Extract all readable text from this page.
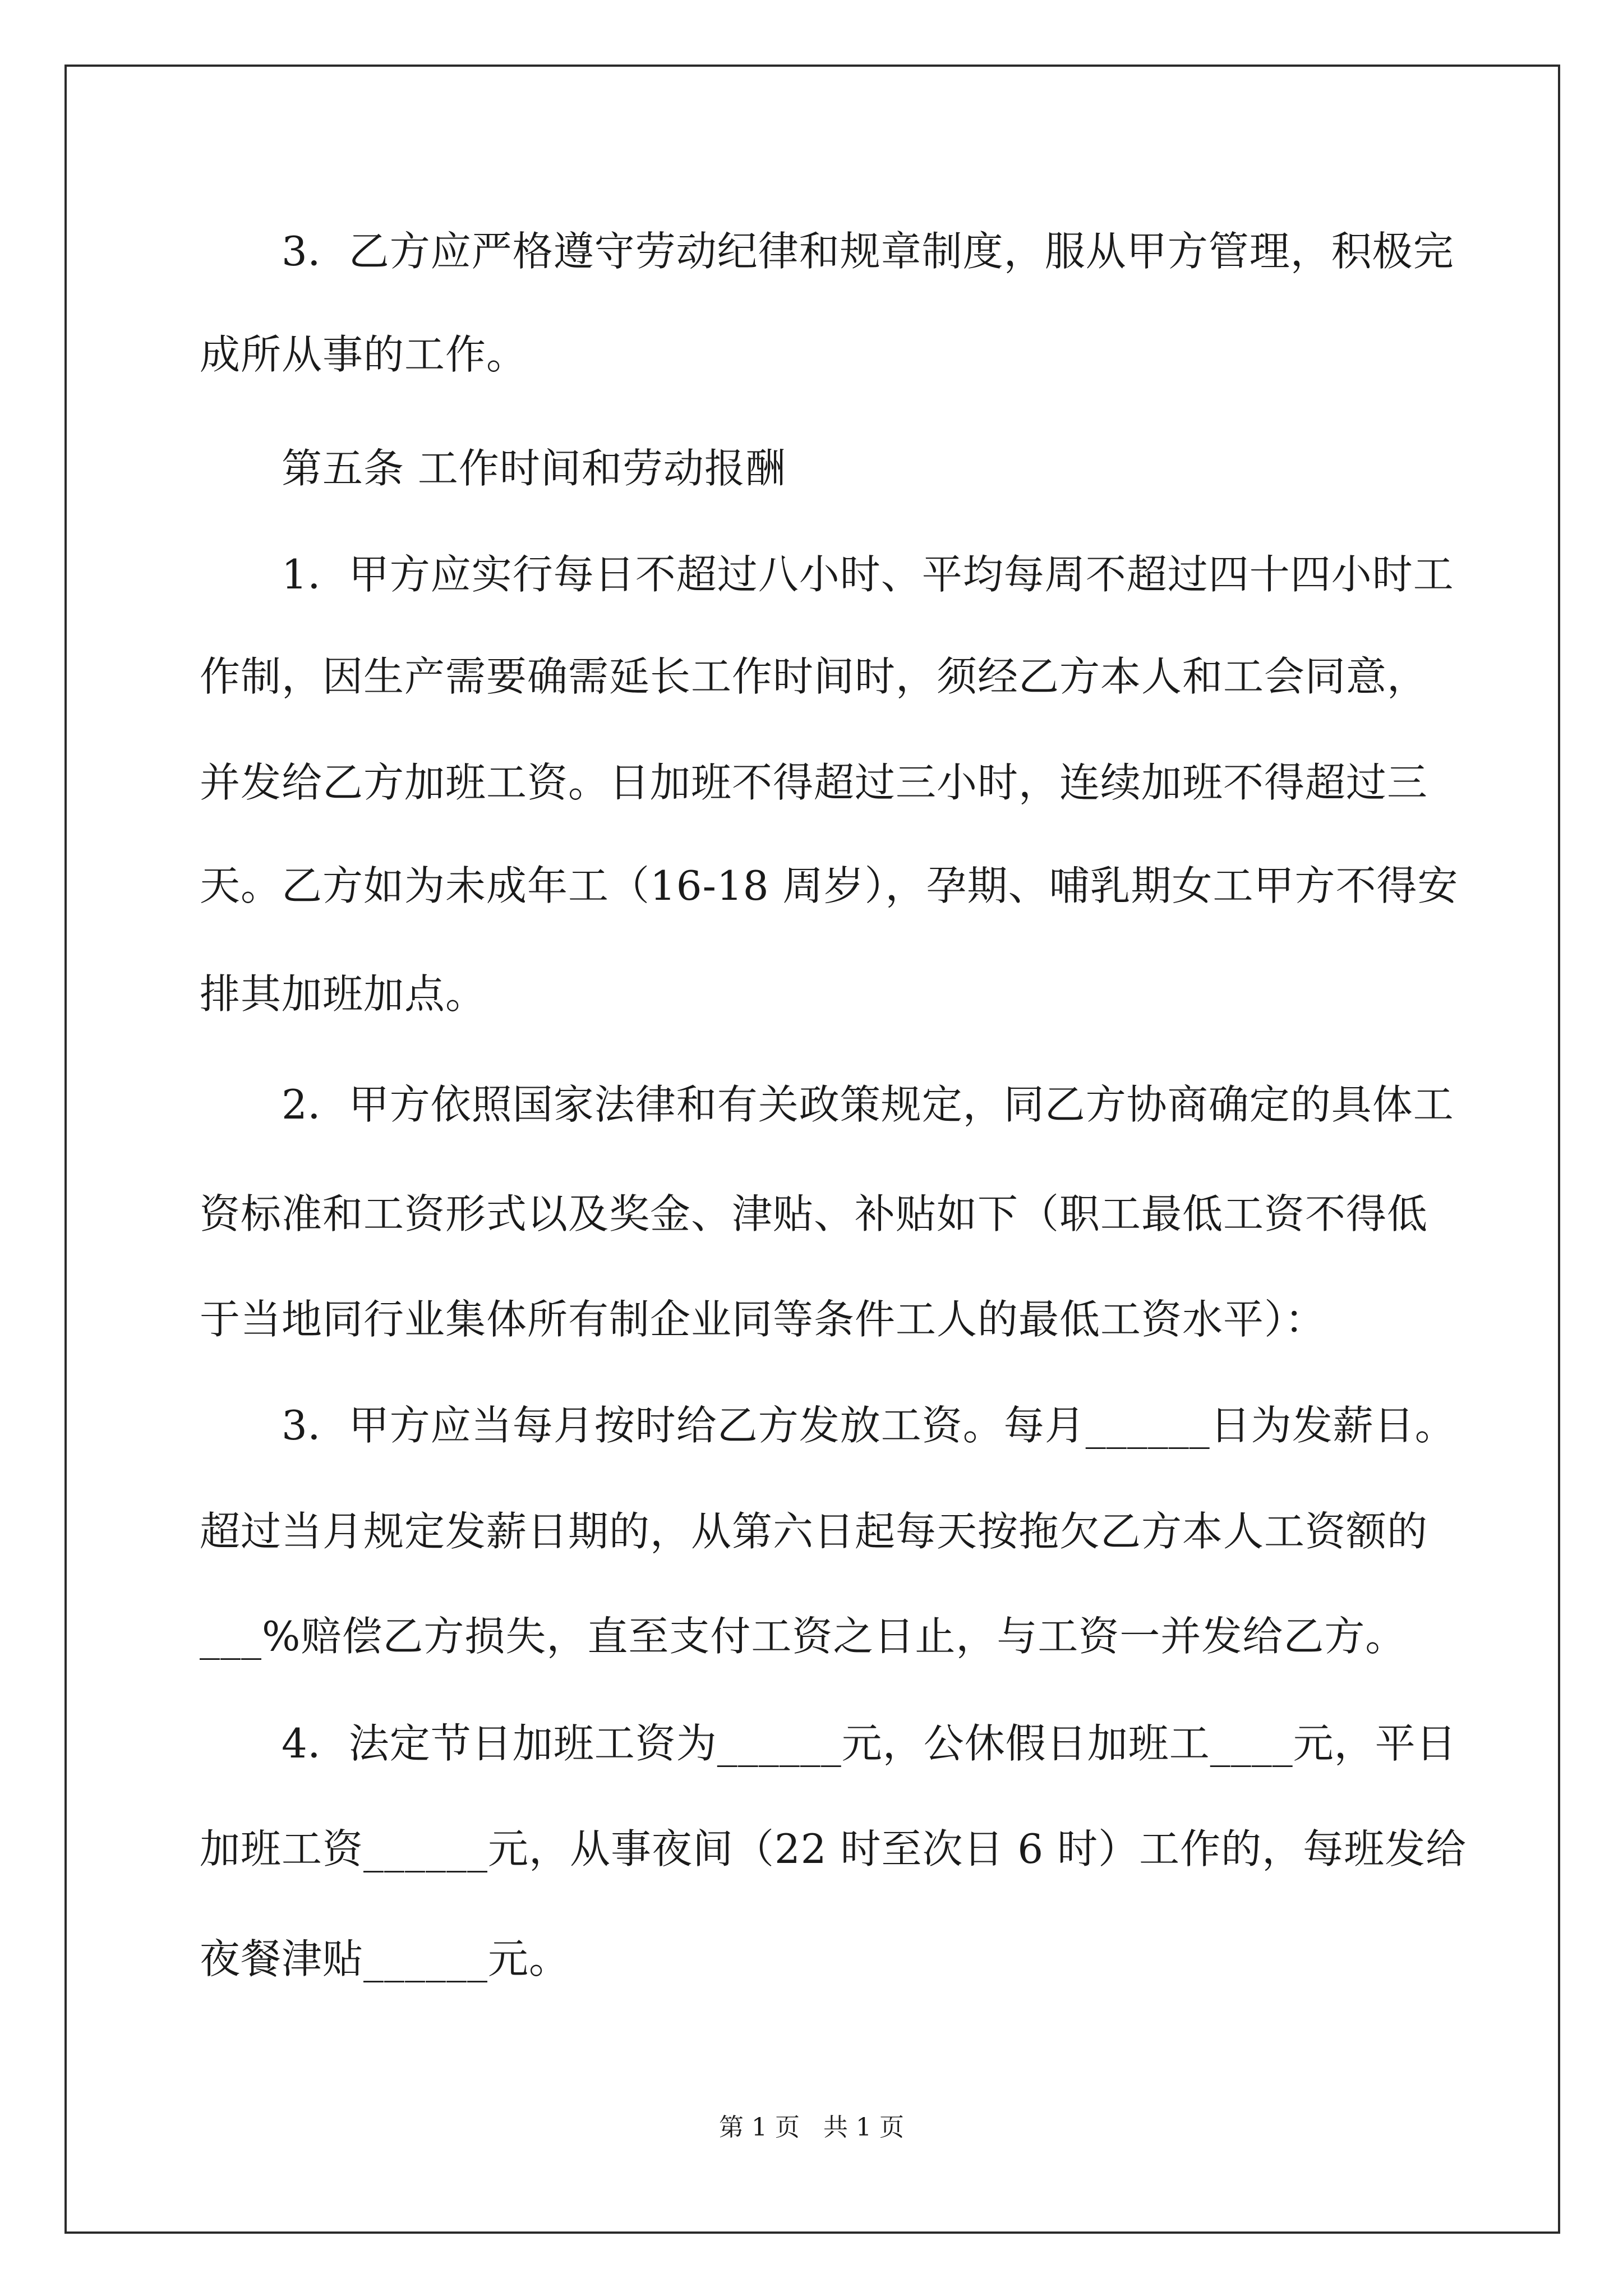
3．乙方应严格遵守劳动纪律和规章制度，服从甲方管理，积极完
成所从事的工作。
第五条 工作时间和劳动报酬
1．甲方应实行每日不超过八小时、平均每周不超过四十四小时工
作制，因生产需要确需延长工作时间时，须经乙方本人和工会同意，
并发给乙方加班工资。日加班不得超过三小时，连续加班不得超过三
天。乙方如为未成年工（16-18 周岁），孕期、哺乳期女工甲方不得安
排其加班加点。
2．甲方依照国家法律和有关政策规定，同乙方协商确定的具体工
资标准和工资形式以及奖金、津贴、补贴如下（职工最低工资不得低
于当地同行业集体所有制企业同等条件工人的最低工资水平）：
3．甲方应当每月按时给乙方发放工资。每月______日为发薪日。
超过当月规定发薪日期的，从第六日起每天按拖欠乙方本人工资额的
___%赔偿乙方损失，直至支付工资之日止，与工资一并发给乙方。
4．法定节日加班工资为______元，公休假日加班工____元，平日
加班工资______元，从事夜间（22 时至次日 6 时）工作的，每班发给
夜餐津贴______元。
第 1 页   共 1 页
